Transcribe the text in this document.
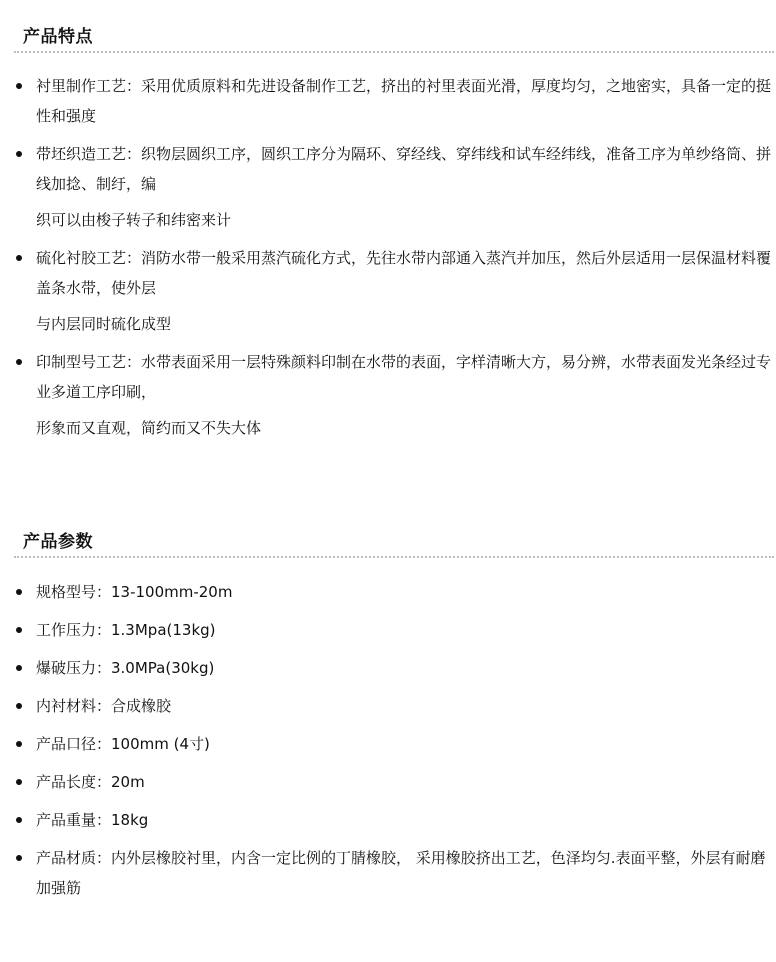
产品特点
衬里制作工艺：采用优质原料和先进设备制作工艺，挤出的衬里表面光滑，厚度均匀，之地密实，具备一定的挺性和强度
带坯织造工艺：织物层圆织工序，圆织工序分为隔环、穿经线、穿纬线和试车经纬线，准备工序为单纱络筒、拼线加捻、制纡，编
织可以由梭子转子和纬密来计
硫化衬胶工艺：消防水带一般采用蒸汽硫化方式，先往水带内部通入蒸汽并加压，然后外层适用一层保温材料覆盖条水带，使外层
与内层同时硫化成型
印制型号工艺：水带表面采用一层特殊颜料印制在水带的表面，字样清晰大方，易分辨，水带表面发光条经过专业多道工序印刷，
形象而又直观，简约而又不失大体
产品参数
规格型号：13-100mm-20m
工作压力：1.3Mpa(13kg)
爆破压力：3.0MPa(30kg)
内衬材料：合成橡胶
产品口径：100mm (4寸)
产品长度：20m
产品重量：18kg
产品材质：内外层橡胶衬里，内含一定比例的丁腈橡胶， 采用橡胶挤出工艺，色泽均匀.表面平整，外层有耐磨加强筋
